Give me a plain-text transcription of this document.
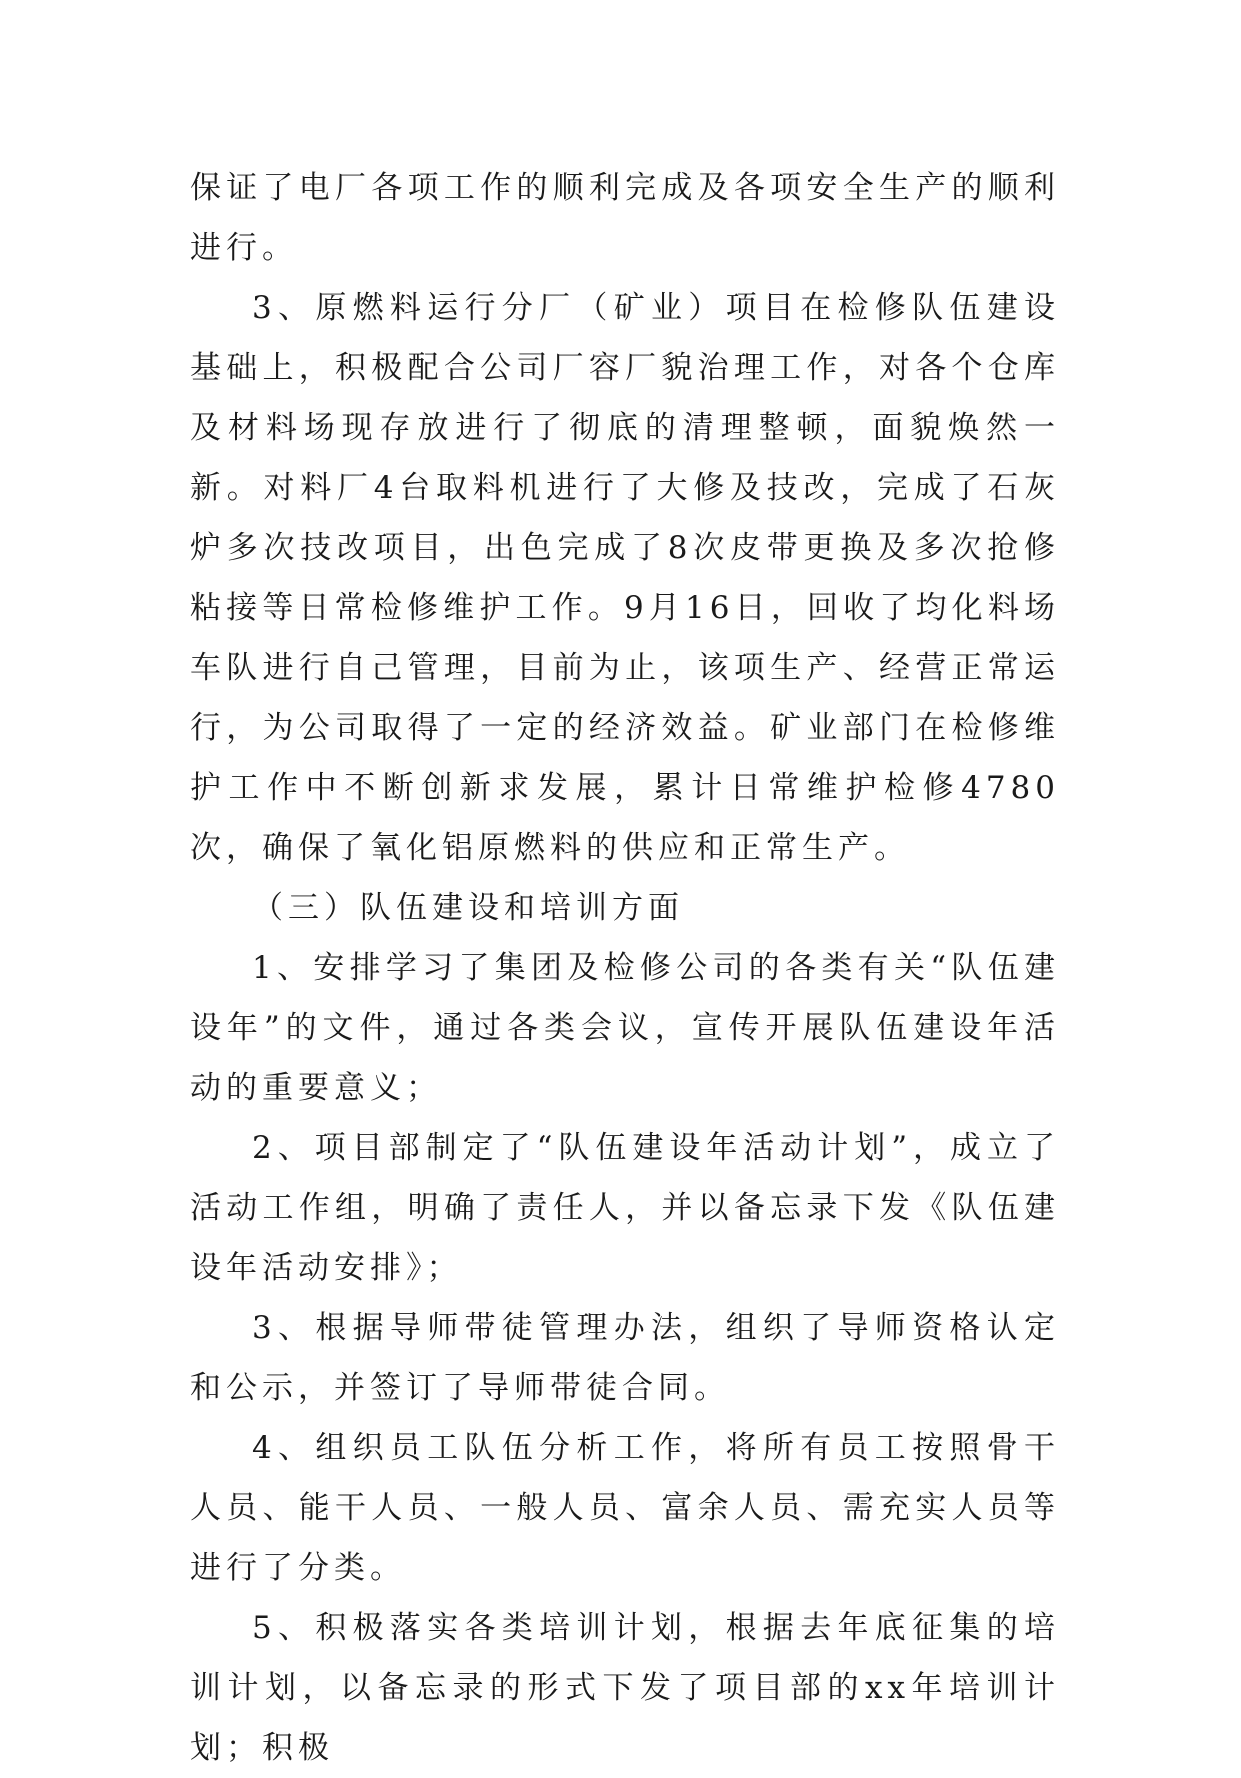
保证了电厂各项工作的顺利完成及各项安全生产的顺利进行。

3、原燃料运行分厂（矿业）项目在检修队伍建设基础上，积极配合公司厂容厂貌治理工作，对各个仓库及材料场现存放进行了彻底的清理整顿，面貌焕然一新。对料厂4台取料机进行了大修及技改，完成了石灰炉多次技改项目，出色完成了8次皮带更换及多次抢修粘接等日常检修维护工作。9月16日，回收了均化料场车队进行自己管理，目前为止，该项生产、经营正常运行，为公司取得了一定的经济效益。矿业部门在检修维护工作中不断创新求发展，累计日常维护检修4780次，确保了氧化铝原燃料的供应和正常生产。

（三）队伍建设和培训方面

1、安排学习了集团及检修公司的各类有关“队伍建设年”的文件，通过各类会议，宣传开展队伍建设年活动的重要意义；

2、项目部制定了“队伍建设年活动计划”，成立了活动工作组，明确了责任人，并以备忘录下发《队伍建设年活动安排》；

3、根据导师带徒管理办法，组织了导师资格认定和公示，并签订了导师带徒合同。

4、组织员工队伍分析工作，将所有员工按照骨干人员、能干人员、一般人员、富余人员、需充实人员等进行了分类。

5、积极落实各类培训计划，根据去年底征集的培训计划，以备忘录的形式下发了项目部的xx年培训计划；积极
